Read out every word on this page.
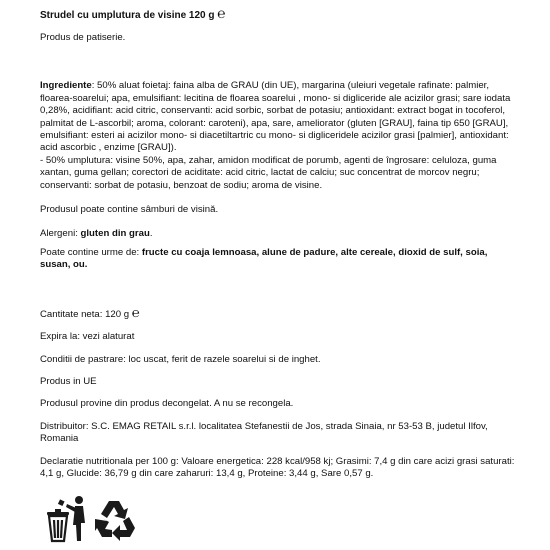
Strudel cu umplutura de visine 120 g ℮

Produs de patiserie.

Ingrediente: 50% aluat foietaj: faina alba de GRAU (din UE), margarina (uleiuri vegetale rafinate: palmier, floarea-soarelui; apa, emulsifiant: lecitina de floarea soarelui , mono- si digliceride ale acizilor grasi; sare iodata 0,28%, acidifiant: acid citric, conservanti: acid sorbic, sorbat de potasiu; antioxidant: extract bogat in tocoferol, palmitat de L-ascorbil; aroma, colorant: caroteni), apa, sare, ameliorator (gluten [GRAU], faina tip 650 [GRAU], emulsifiant: esteri ai acizilor mono- si diacetiltartric cu mono- si digliceridele acizilor grasi [palmier], antioxidant: acid ascorbic , enzime [GRAU]).

- 50% umplutura: visine 50%, apa, zahar, amidon modificat de porumb, agenti de îngrosare: celuloza, guma xantan, guma gellan; corectori de aciditate: acid citric, lactat de calciu; suc concentrat de morcov negru; conservanti: sorbat de potasiu, benzoat de sodiu; aroma de visine.

Produsul poate contine sâmburi de visină.

Alergeni: gluten din grau.

Poate contine urme de: fructe cu coaja lemnoasa, alune de padure, alte cereale, dioxid de sulf, soia, susan, ou.

Cantitate neta: 120 g ℮

Expira la: vezi alaturat

Conditii de pastrare: loc uscat, ferit de razele soarelui si de inghet.

Produs in UE

Produsul provine din produs decongelat. A nu se recongela.

Distribuitor: S.C. EMAG RETAIL s.r.l. localitatea Stefanestii de Jos, strada Sinaia, nr 53-53 B, judetul Ilfov, Romania

Declaratie nutritionala per 100 g: Valoare energetica: 228 kcal/958 kj; Grasimi: 7,4 g din care acizi grasi saturati: 4,1 g, Glucide: 36,79 g din care zaharuri: 13,4 g, Proteine: 3,44 g, Sare 0,57 g.
